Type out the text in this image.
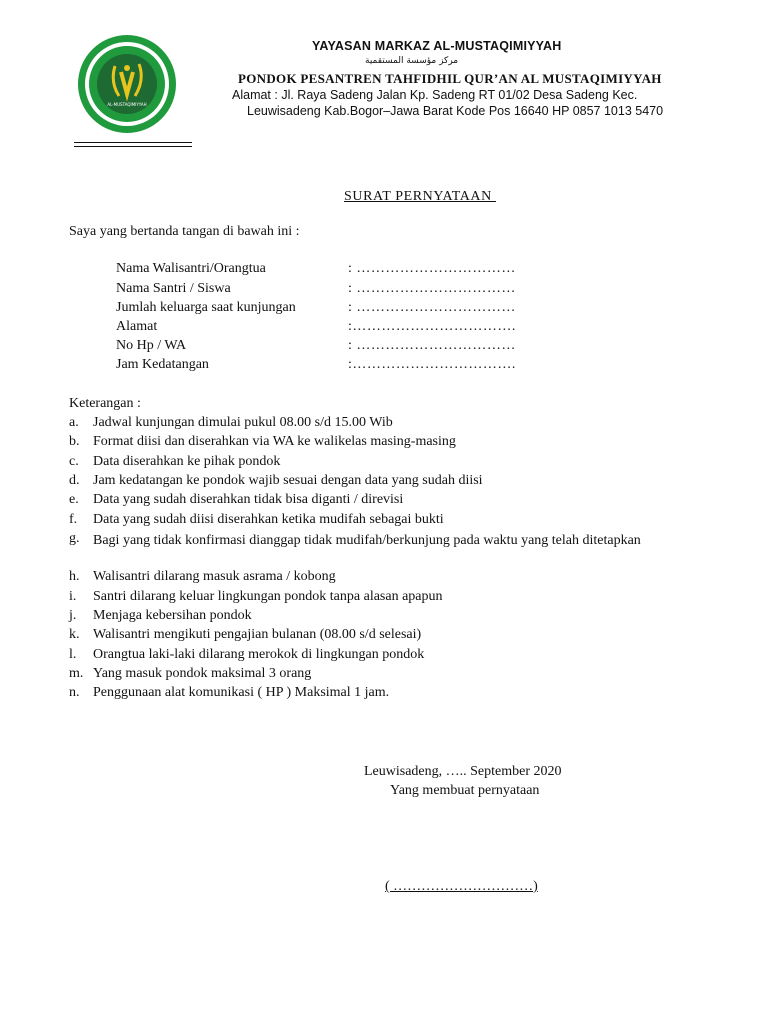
AL-MUSTAQIMIYYAH
YAYASAN MARKAZ AL-MUSTAQIMIYYAH
مركز مؤسسة المستقمية
PONDOK PESANTREN TAHFIDHIL QUR’AN AL MUSTAQIMIYYAH
Alamat : Jl. Raya Sadeng Jalan Kp. Sadeng RT 01/02 Desa Sadeng Kec.
Leuwisadeng Kab.Bogor–Jawa Barat Kode Pos 16640 HP 0857 1013 5470
SURAT PERNYATAAN
Saya yang bertanda tangan di bawah ini :
Nama Walisantri/Orangtua	: ……………………………
Nama Santri / Siswa	: ……………………………
Jumlah keluarga saat kunjungan	: ……………………………
Alamat	:…………………………….
No Hp / WA	: ……………………………
Jam Kedatangan	:…………………………….
Keterangan :
a. Jadwal kunjungan dimulai pukul 08.00 s/d 15.00 Wib
b. Format diisi dan diserahkan via WA ke walikelas masing-masing
c. Data diserahkan ke pihak pondok
d. Jam kedatangan ke pondok wajib sesuai dengan data yang sudah diisi
e. Data yang sudah diserahkan tidak bisa diganti / direvisi
f. Data yang sudah diisi diserahkan ketika mudifah sebagai bukti
g. Bagi yang tidak konfirmasi dianggap tidak mudifah/berkunjung pada waktu yang telah ditetapkan
h. Walisantri dilarang masuk asrama / kobong
i. Santri dilarang keluar lingkungan pondok tanpa alasan apapun
j. Menjaga kebersihan pondok
k. Walisantri mengikuti pengajian bulanan (08.00 s/d selesai)
l. Orangtua laki-laki dilarang merokok di lingkungan pondok
m. Yang masuk pondok maksimal 3 orang
n. Penggunaan alat komunikasi ( HP ) Maksimal 1 jam.
Leuwisadeng, ….. September 2020
Yang membuat pernyataan
( …………………………)
